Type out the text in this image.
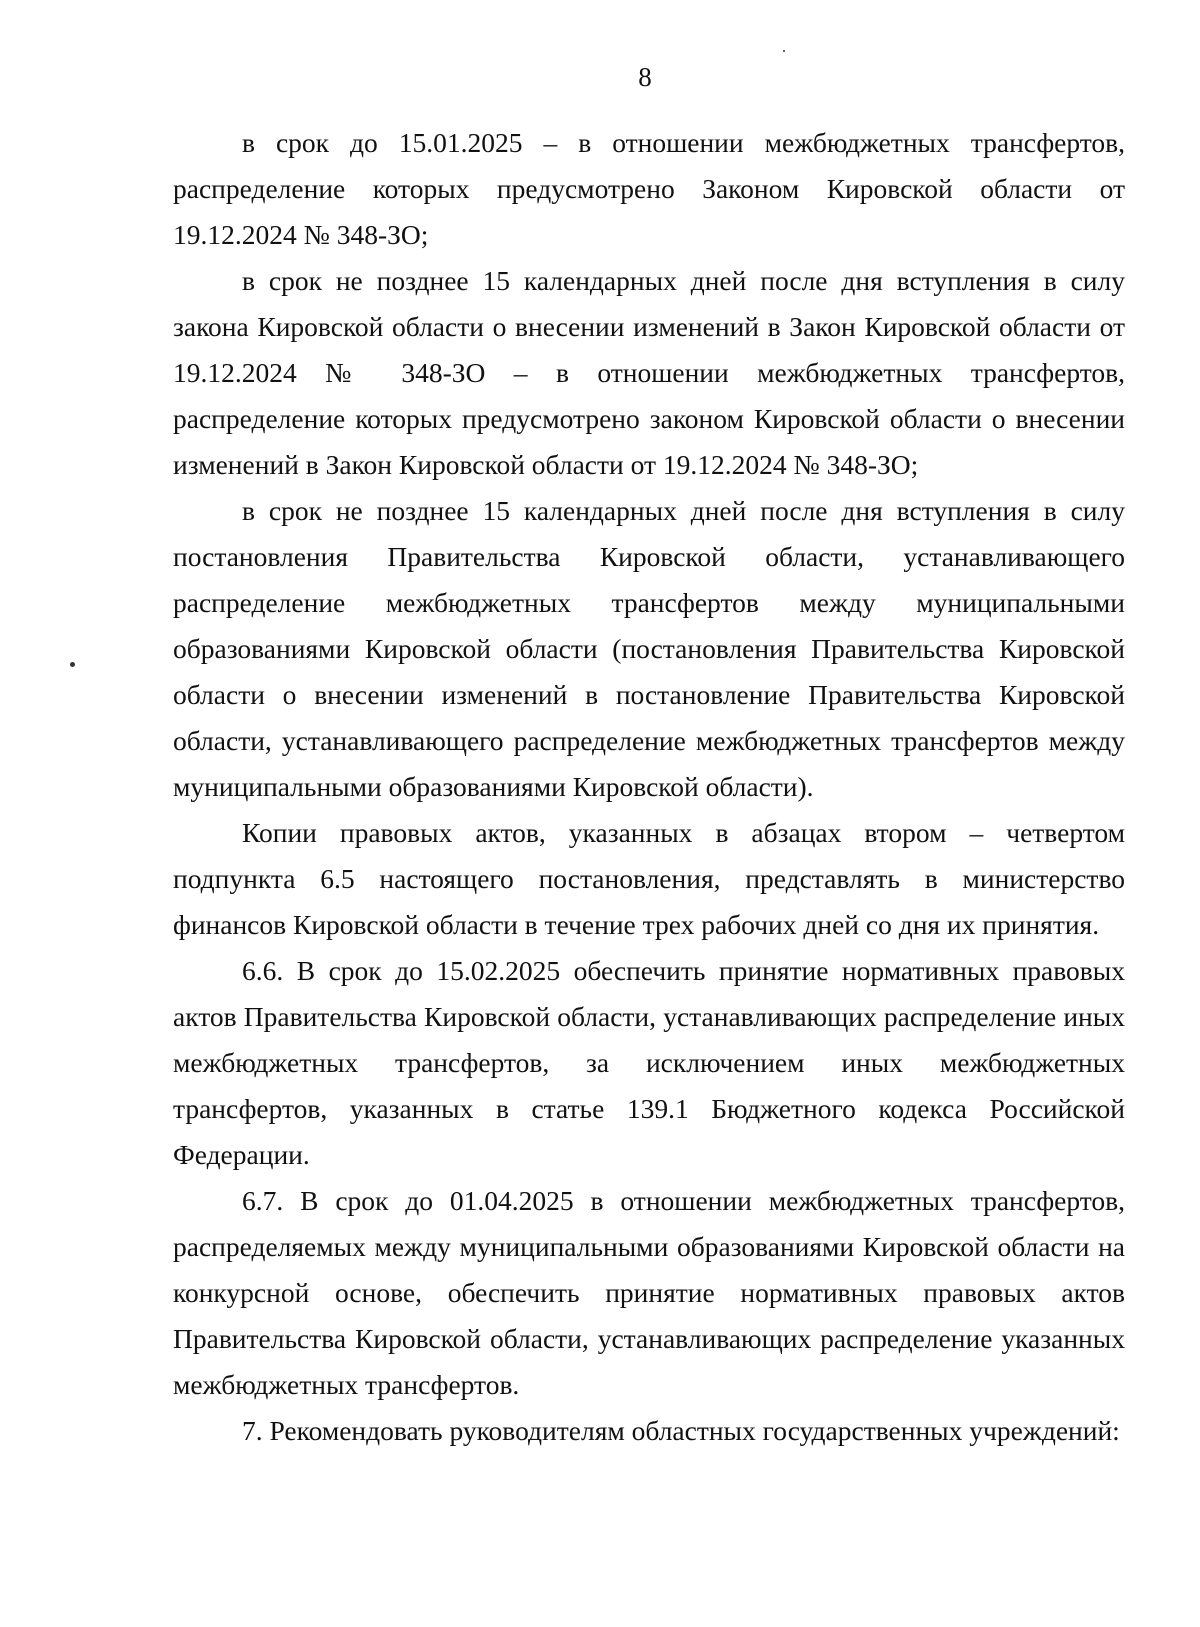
8

в срок до 15.01.2025 – в отношении межбюджетных трансфертов, распределение которых предусмотрено Законом Кировской области от 19.12.2024 № 348-ЗО;

в срок не позднее 15 календарных дней после дня вступления в силу закона Кировской области о внесении изменений в Закон Кировской области от 19.12.2024 № 348-ЗО – в отношении межбюджетных трансфертов, распределение которых предусмотрено законом Кировской области о внесении изменений в Закон Кировской области от 19.12.2024 № 348-ЗО;

в срок не позднее 15 календарных дней после дня вступления в силу постановления Правительства Кировской области, устанавливающего распределение межбюджетных трансфертов между муниципальными образованиями Кировской области (постановления Правительства Кировской области о внесении изменений в постановление Правительства Кировской области, устанавливающего распределение межбюджетных трансфертов между муниципальными образованиями Кировской области).

Копии правовых актов, указанных в абзацах втором – четвертом подпункта 6.5 настоящего постановления, представлять в министерство финансов Кировской области в течение трех рабочих дней со дня их принятия.

6.6. В срок до 15.02.2025 обеспечить принятие нормативных правовых актов Правительства Кировской области, устанавливающих распределение иных межбюджетных трансфертов, за исключением иных межбюджетных трансфертов, указанных в статье 139.1 Бюджетного кодекса Российской Федерации.

6.7. В срок до 01.04.2025 в отношении межбюджетных трансфертов, распределяемых между муниципальными образованиями Кировской области на конкурсной основе, обеспечить принятие нормативных правовых актов Правительства Кировской области, устанавливающих распределение указанных межбюджетных трансфертов.

7. Рекомендовать руководителям областных государственных учреждений:
